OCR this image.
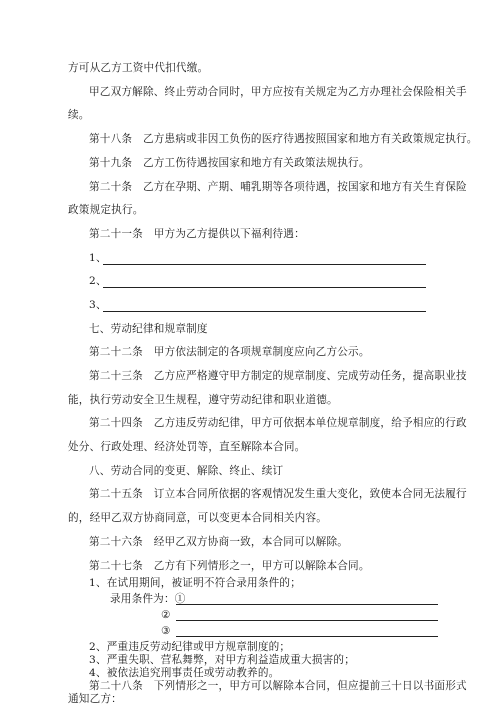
方可从乙方工资中代扣代缴。
甲乙双方解除、终止劳动合同时，甲方应按有关规定为乙方办理社会保险相关手
续。
第十八条　乙方患病或非因工负伤的医疗待遇按照国家和地方有关政策规定执行。
第十九条　乙方工伤待遇按国家和地方有关政策法规执行。
第二十条　乙方在孕期、产期、哺乳期等各项待遇，按国家和地方有关生育保险
政策规定执行。
第二十一条　甲方为乙方提供以下福利待遇：
1、
2、
3、
七、劳动纪律和规章制度
第二十二条　甲方依法制定的各项规章制度应向乙方公示。
第二十三条　乙方应严格遵守甲方制定的规章制度、完成劳动任务，提高职业技
能，执行劳动安全卫生规程，遵守劳动纪律和职业道德。
第二十四条　乙方违反劳动纪律，甲方可依据本单位规章制度，给予相应的行政
处分、行政处理、经济处罚等，直至解除本合同。
八、劳动合同的变更、解除、终止、续订
第二十五条　订立本合同所依据的客观情况发生重大变化，致使本合同无法履行
的，经甲乙双方协商同意，可以变更本合同相关内容。
第二十六条　经甲乙双方协商一致，本合同可以解除。
第二十七条　乙方有下列情形之一，甲方可以解除本合同。
1、在试用期间，被证明不符合录用条件的；
录用条件为：①
②
③
2、严重违反劳动纪律或甲方规章制度的；
3、严重失职、营私舞弊，对甲方利益造成重大损害的；
4、被依法追究刑事责任或劳动教养的。
第二十八条　下列情形之一，甲方可以解除本合同，但应提前三十日以书面形式
通知乙方：
